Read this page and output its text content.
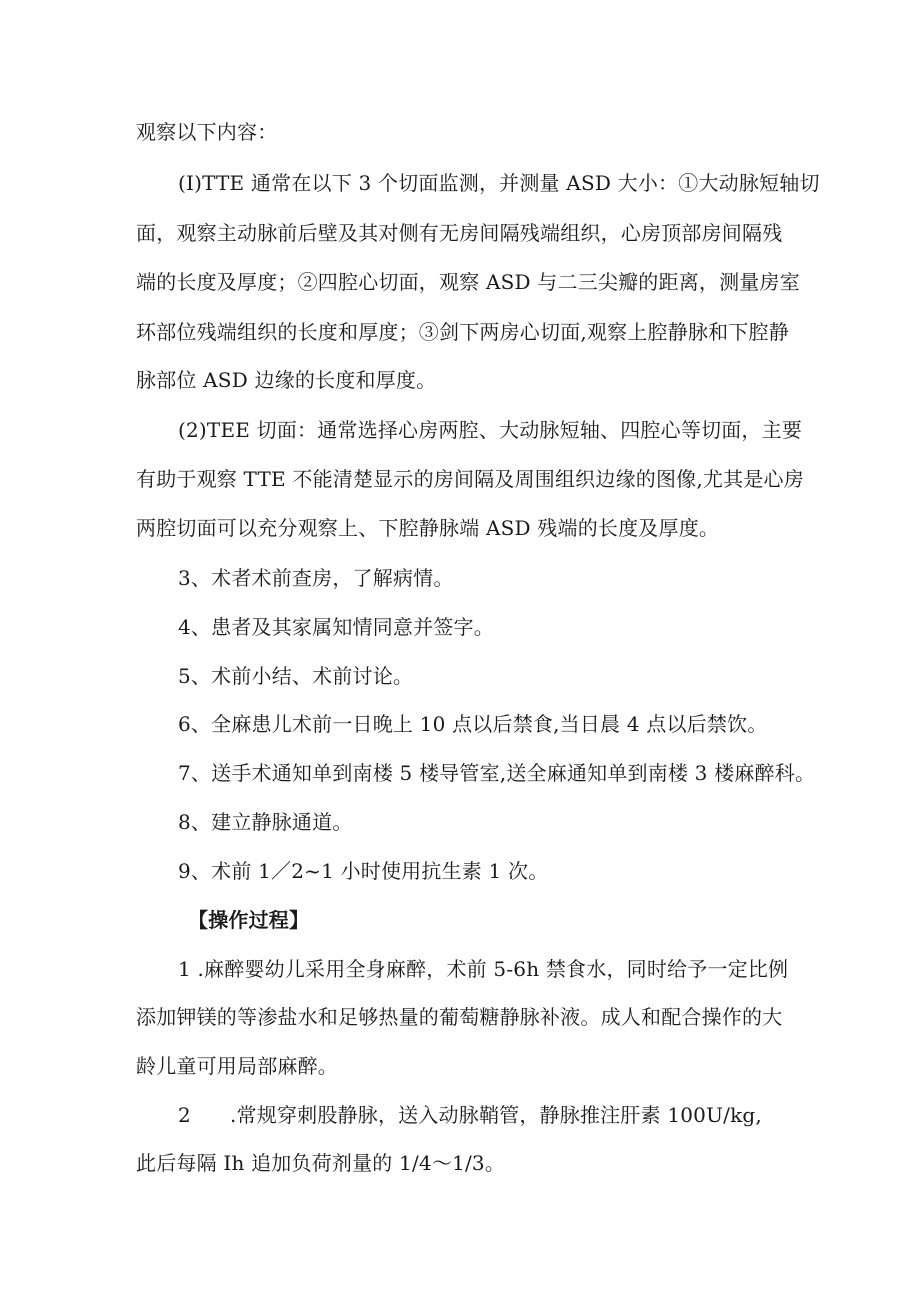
观察以下内容：

(I)TTE 通常在以下 3 个切面监测，并测量 ASD 大小：①大动脉短轴切

面，观察主动脉前后壁及其对侧有无房间隔残端组织，心房顶部房间隔残

端的长度及厚度；②四腔心切面，观察 ASD 与二三尖瓣的距离，测量房室

环部位残端组织的长度和厚度；③剑下两房心切面,观察上腔静脉和下腔静

脉部位 ASD 边缘的长度和厚度。

(2)TEE 切面：通常选择心房两腔、大动脉短轴、四腔心等切面，主要

有助于观察 TTE 不能清楚显示的房间隔及周围组织边缘的图像,尤其是心房

两腔切面可以充分观察上、下腔静脉端 ASD 残端的长度及厚度。

3、术者术前查房，了解病情。

4、患者及其家属知情同意并签字。

5、术前小结、术前讨论。

6、全麻患儿术前一日晚上 10 点以后禁食,当日晨 4 点以后禁饮。

7、送手术通知单到南楼 5 楼导管室,送全麻通知单到南楼 3 楼麻醉科。

8、建立静脉通道。

9、术前 1／2~1 小时使用抗生素 1 次。

【操作过程】

1 .麻醉婴幼儿采用全身麻醉，术前 5-6h 禁食水，同时给予一定比例

添加钾镁的等渗盐水和足够热量的葡萄糖静脉补液。成人和配合操作的大

龄儿童可用局部麻醉。

2 .常规穿刺股静脉，送入动脉鞘管，静脉推注肝素 100U/kg,

此后每隔 Ih 追加负荷剂量的 1/4～1/3。
